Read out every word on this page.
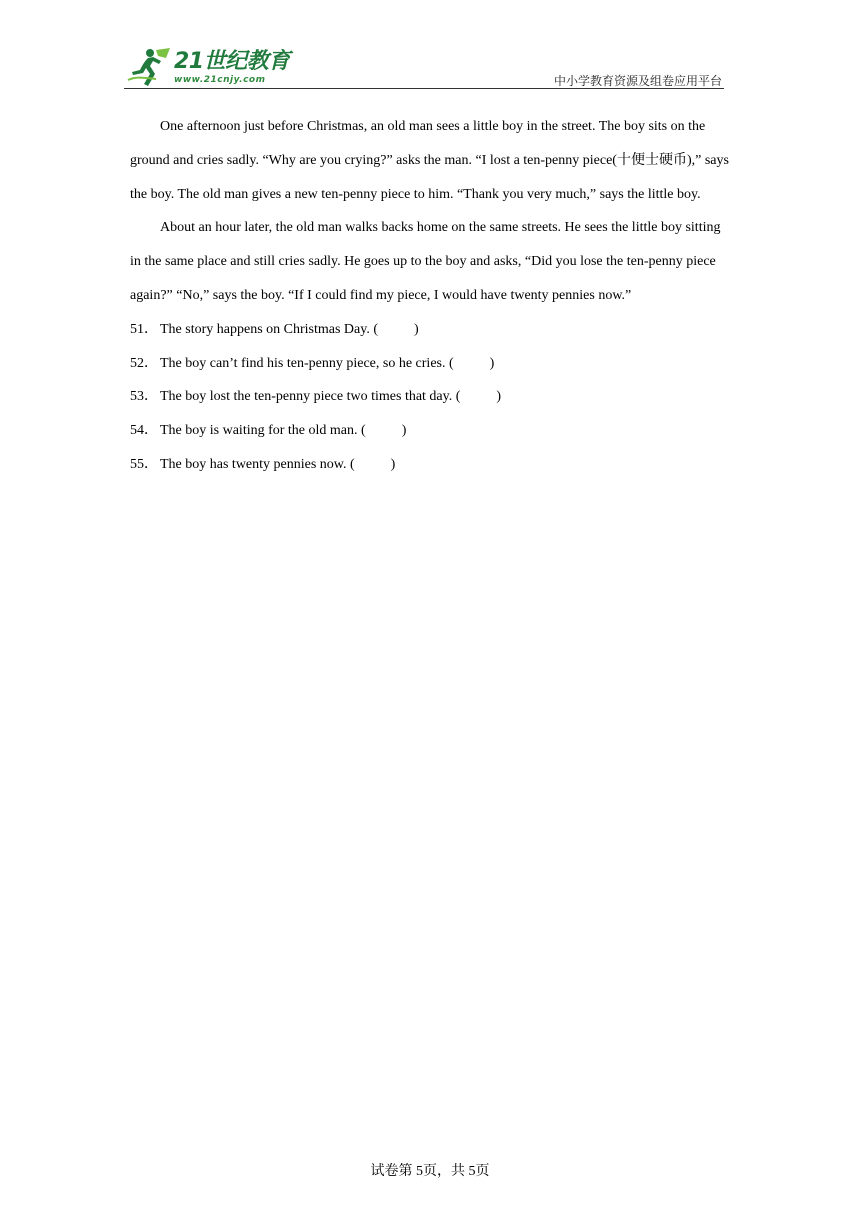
21世纪教育
www.21cnjy.com	中小学教育资源及组卷应用平台

One afternoon just before Christmas, an old man sees a little boy in the street. The boy sits on the ground and cries sadly. “Why are you crying?” asks the man. “I lost a ten-penny piece(十便士硬币),” says the boy. The old man gives a new ten-penny piece to him. “Thank you very much,” says the little boy.

About an hour later, the old man walks backs home on the same streets. He sees the little boy sitting in the same place and still cries sadly. He goes up to the boy and asks, “Did you lose the ten-penny piece again?” “No,” says the boy. “If I could find my piece, I would have twenty pennies now.”

51． The story happens on Christmas Day. (	)

52． The boy can’t find his ten-penny piece, so he cries. (	)

53． The boy lost the ten-penny piece two times that day. (	)

54． The boy is waiting for the old man. (	)

55． The boy has twenty pennies now. (	)

试卷第 5页，共 5页
